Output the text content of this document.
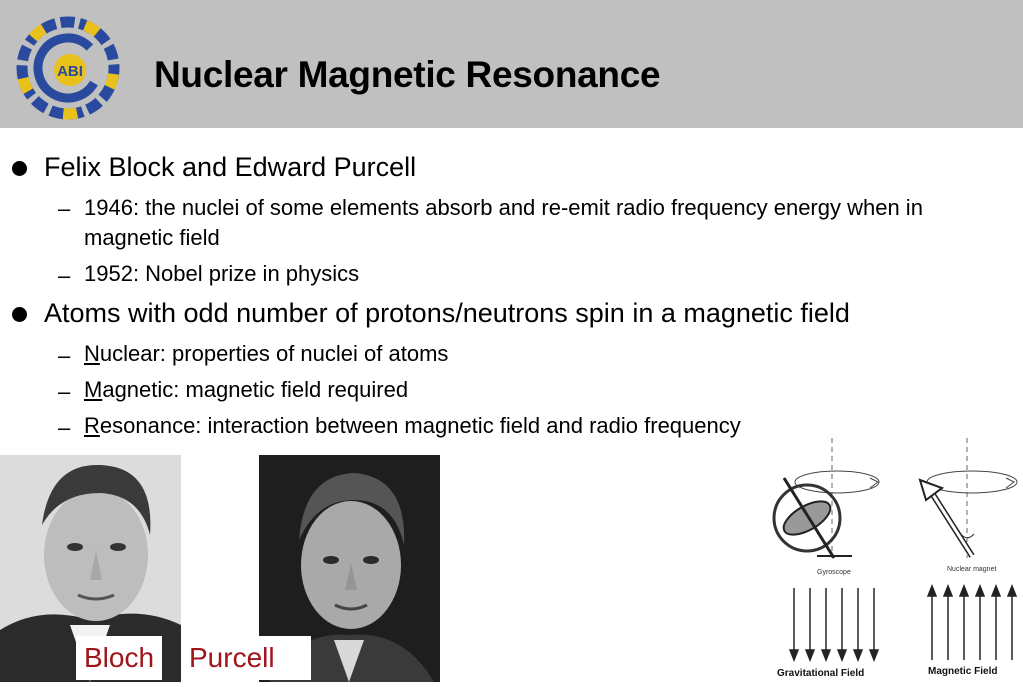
ABI Nuclear Magnetic Resonance
Felix Block and Edward Purcell
– 1946: the nuclei of some elements absorb and re-emit radio frequency energy when in magnetic field
– 1952: Nobel prize in physics
Atoms with odd number of protons/neutrons spin in a magnetic field
– Nuclear: properties of nuclei of atoms
– Magnetic: magnetic field required
– Resonance: interaction between magnetic field and radio frequency
Bloch Purcell
Gyroscope	Nuclear magnet
Gravitational Field	Magnetic Field
